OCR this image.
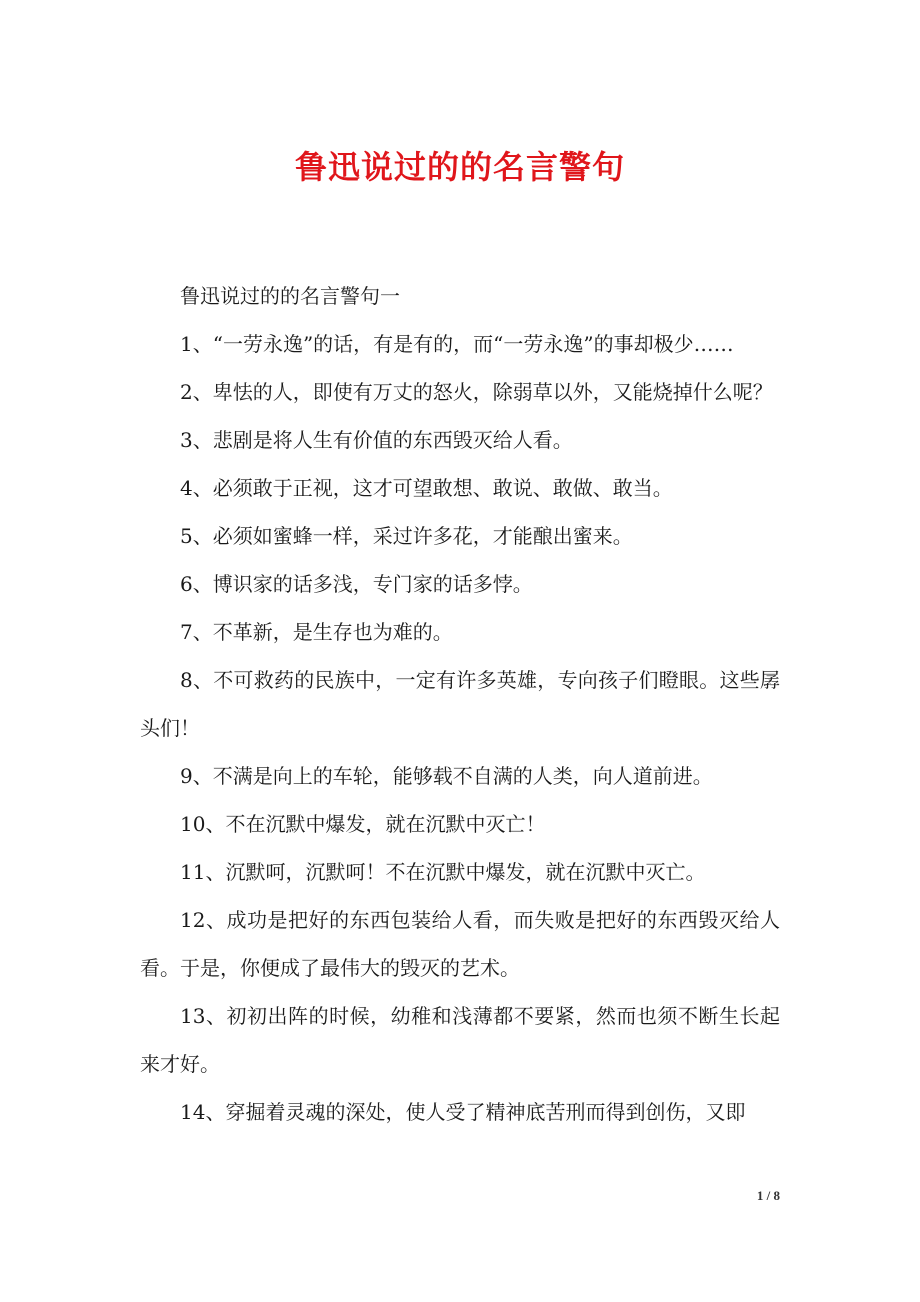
鲁迅说过的的名言警句

鲁迅说过的的名言警句一

1、“一劳永逸”的话，有是有的，而“一劳永逸”的事却极少……

2、卑怯的人，即使有万丈的怒火，除弱草以外，又能烧掉什么呢？

3、悲剧是将人生有价值的东西毁灭给人看。

4、必须敢于正视，这才可望敢想、敢说、敢做、敢当。

5、必须如蜜蜂一样，采过许多花，才能酿出蜜来。

6、博识家的话多浅，专门家的话多悖。

7、不革新，是生存也为难的。

8、不可救药的民族中，一定有许多英雄，专向孩子们瞪眼。这些孱头们！

9、不满是向上的车轮，能够载不自满的人类，向人道前进。

10、不在沉默中爆发，就在沉默中灭亡！

11、沉默呵，沉默呵！不在沉默中爆发，就在沉默中灭亡。

12、成功是把好的东西包装给人看，而失败是把好的东西毁灭给人看。于是，你便成了最伟大的毁灭的艺术。

13、初初出阵的时候，幼稚和浅薄都不要紧，然而也须不断生长起来才好。

14、穿掘着灵魂的深处，使人受了精神底苦刑而得到创伤，又即

1 / 8
